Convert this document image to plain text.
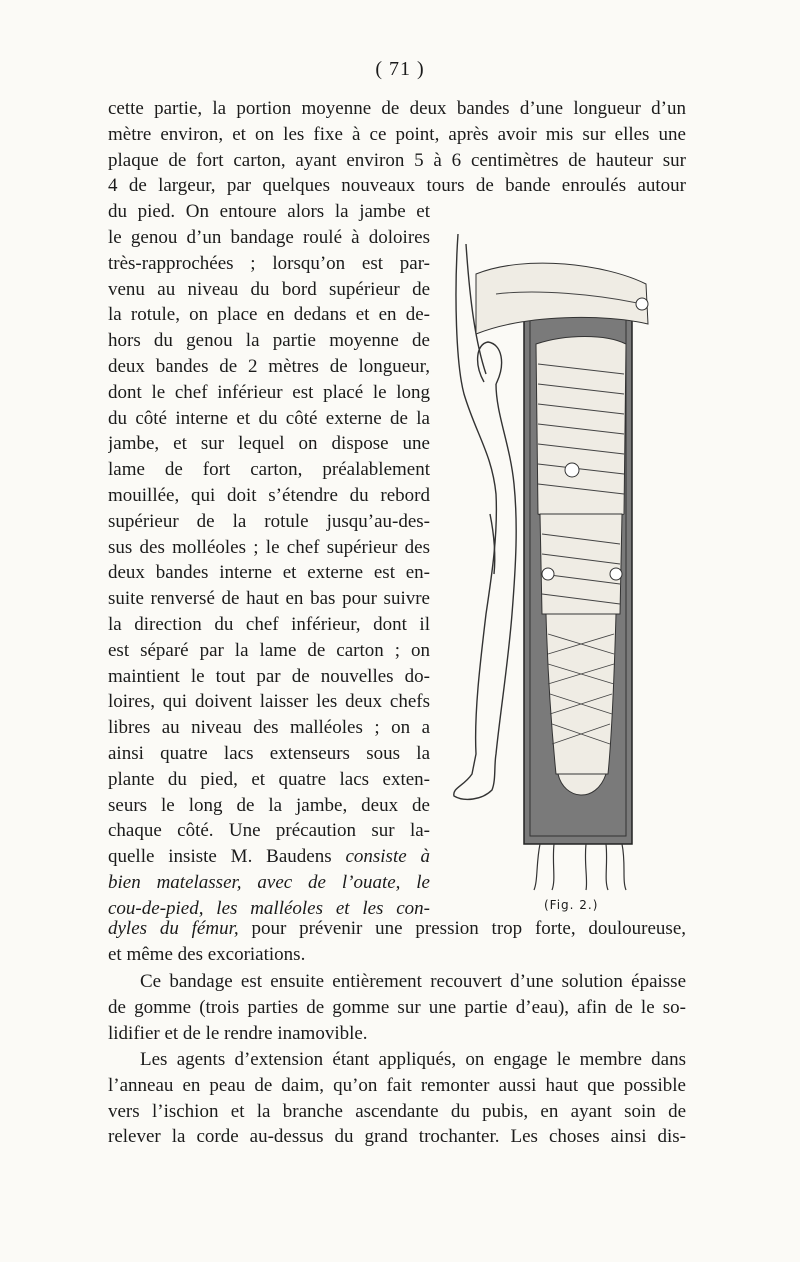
( 71 )
cette partie, la portion moyenne de deux bandes d’une longueur d’un
mètre environ, et on les fixe à ce point, après avoir mis sur elles une
plaque de fort carton, ayant environ 5 à 6 centimètres de hauteur sur
4 de largeur, par quelques nouveaux tours de bande enroulés autour
du pied. On entoure alors la jambe et
le genou d’un bandage roulé à doloires
très-rapprochées ; lorsqu’on est par-
venu au niveau du bord supérieur de
la rotule, on place en dedans et en de-
hors du genou la partie moyenne de
deux bandes de 2 mètres de longueur,
dont le chef inférieur est placé le long
du côté interne et du côté externe de la
jambe, et sur lequel on dispose une
lame de fort carton, préalablement
mouillée, qui doit s’étendre du rebord
supérieur de la rotule jusqu’au-des-
sus des molléoles ; le chef supérieur des
deux bandes interne et externe est en-
suite renversé de haut en bas pour suivre
la direction du chef inférieur, dont il
est séparé par la lame de carton ; on
maintient le tout par de nouvelles do-
loires, qui doivent laisser les deux chefs
libres au niveau des malléoles ; on a
ainsi quatre lacs extenseurs sous la
plante du pied, et quatre lacs exten-
seurs le long de la jambe, deux de
chaque côté. Une précaution sur la-
quelle insiste M. Baudens consiste à
bien matelasser, avec de l’ouate, le
cou-de-pied, les malléoles et les con-
dyles du fémur, pour prévenir une pression trop forte, douloureuse,
et même des excoriations.
Ce bandage est ensuite entièrement recouvert d’une solution épaisse
de gomme (trois parties de gomme sur une partie d’eau), afin de le so-
lidifier et de le rendre inamovible.
Les agents d’extension étant appliqués, on engage le membre dans
l’anneau en peau de daim, qu’on fait remonter aussi haut que possible
vers l’ischion et la branche ascendante du pubis, en ayant soin de
relever la corde au-dessus du grand trochanter. Les choses ainsi dis-
(Fig. 2.)
